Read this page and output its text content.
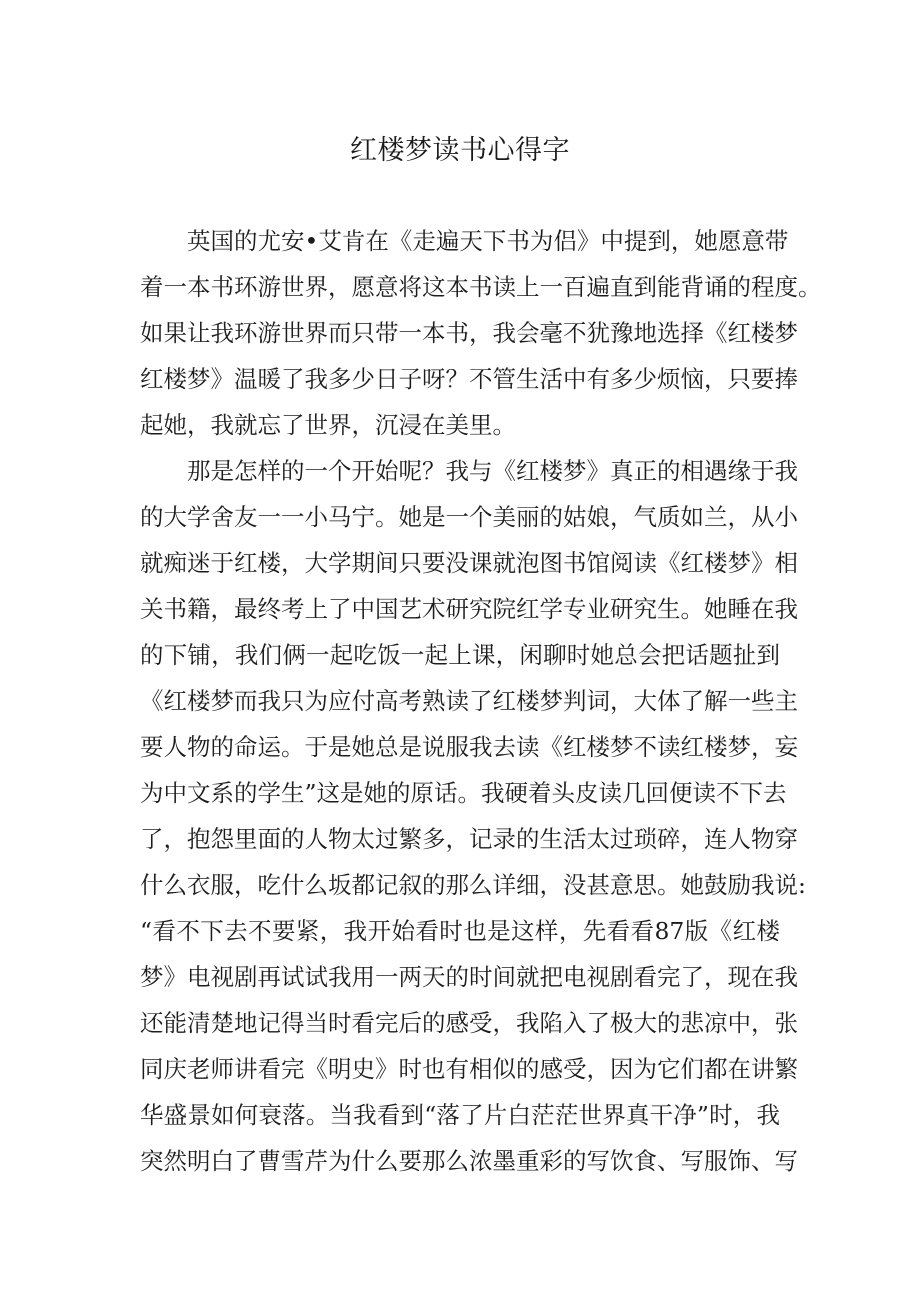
红楼梦读书心得字
英国的尤安•艾肯在《走遍天下书为侣》中提到，她愿意带
着一本书环游世界，愿意将这本书读上一百遍直到能背诵的程度。
如果让我环游世界而只带一本书，我会毫不犹豫地选择《红楼梦
红楼梦》温暖了我多少日子呀？不管生活中有多少烦恼，只要捧
起她，我就忘了世界，沉浸在美里。
那是怎样的一个开始呢？我与《红楼梦》真正的相遇缘于我
的大学舍友一一小马宁。她是一个美丽的姑娘，气质如兰，从小
就痴迷于红楼，大学期间只要没课就泡图书馆阅读《红楼梦》相
关书籍，最终考上了中国艺术研究院红学专业研究生。她睡在我
的下铺，我们俩一起吃饭一起上课，闲聊时她总会把话题扯到
《红楼梦而我只为应付高考熟读了红楼梦判词，大体了解一些主
要人物的命运。于是她总是说服我去读《红楼梦不读红楼梦，妄
为中文系的学生”这是她的原话。我硬着头皮读几回便读不下去
了，抱怨里面的人物太过繁多，记录的生活太过琐碎，连人物穿
什么衣服，吃什么坂都记叙的那么详细，没甚意思。她鼓励我说:
“看不下去不要紧，我开始看时也是这样，先看看87版《红楼
梦》电视剧再试试我用一两天的时间就把电视剧看完了，现在我
还能清楚地记得当时看完后的感受，我陷入了极大的悲凉中，张
同庆老师讲看完《明史》时也有相似的感受，因为它们都在讲繁
华盛景如何衰落。当我看到“落了片白茫茫世界真干净”时，我
突然明白了曹雪芹为什么要那么浓墨重彩的写饮食、写服饰、写
